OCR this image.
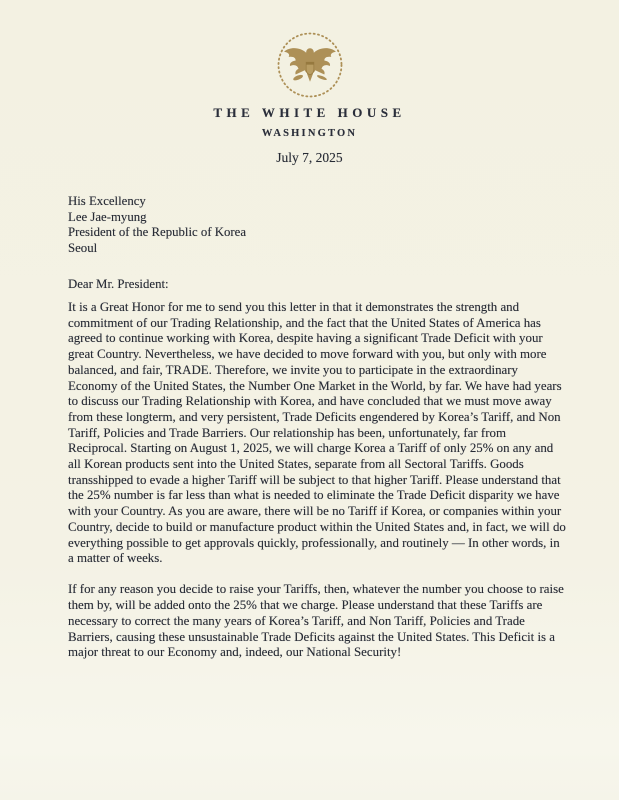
THE WHITE HOUSE
WASHINGTON
July 7, 2025
His Excellency
Lee Jae-myung
President of the Republic of Korea
Seoul
Dear Mr. President:

It is a Great Honor for me to send you this letter in that it demonstrates the strength and commitment of our Trading Relationship, and the fact that the United States of America has agreed to continue working with Korea, despite having a significant Trade Deficit with your great Country. Nevertheless, we have decided to move forward with you, but only with more balanced, and fair, TRADE. Therefore, we invite you to participate in the extraordinary Economy of the United States, the Number One Market in the World, by far. We have had years to discuss our Trading Relationship with Korea, and have concluded that we must move away from these longterm, and very persistent, Trade Deficits engendered by Korea’s Tariff, and Non Tariff, Policies and Trade Barriers. Our relationship has been, unfortunately, far from Reciprocal. Starting on August 1, 2025, we will charge Korea a Tariff of only 25% on any and all Korean products sent into the United States, separate from all Sectoral Tariffs. Goods transshipped to evade a higher Tariff will be subject to that higher Tariff. Please understand that the 25% number is far less than what is needed to eliminate the Trade Deficit disparity we have with your Country. As you are aware, there will be no Tariff if Korea, or companies within your Country, decide to build or manufacture product within the United States and, in fact, we will do everything possible to get approvals quickly, professionally, and routinely — In other words, in a matter of weeks.

If for any reason you decide to raise your Tariffs, then, whatever the number you choose to raise them by, will be added onto the 25% that we charge. Please understand that these Tariffs are necessary to correct the many years of Korea’s Tariff, and Non Tariff, Policies and Trade Barriers, causing these unsustainable Trade Deficits against the United States. This Deficit is a major threat to our Economy and, indeed, our National Security!
